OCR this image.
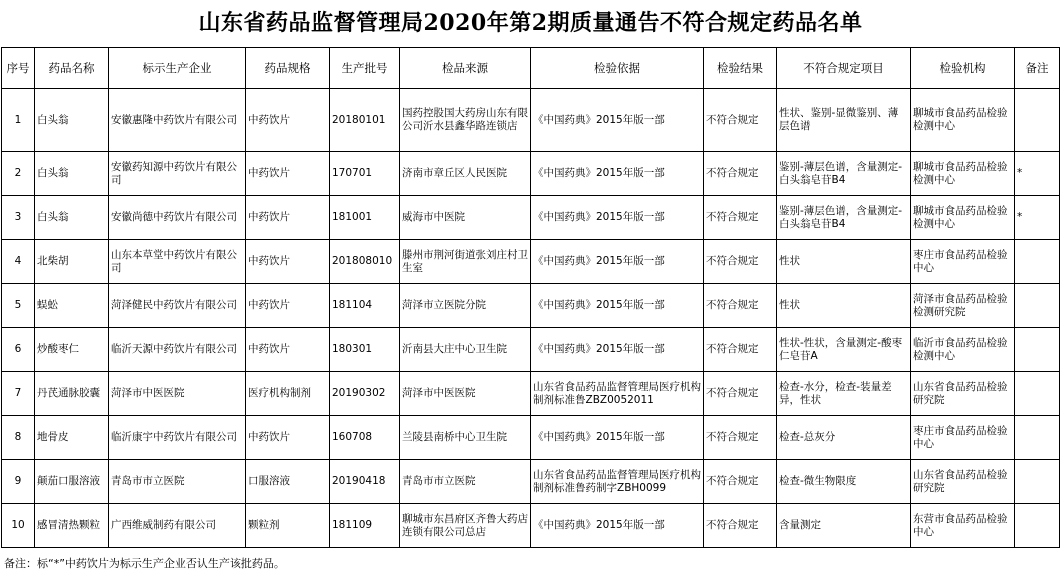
山东省药品监督管理局2020年第2期质量通告不符合规定药品名单
序号	药品名称	标示生产企业	药品规格	生产批号	检品来源	检验依据	检验结果	不符合规定项目	检验机构	备注
1	白头翁	安徽惠隆中药饮片有限公司	中药饮片	20180101	国药控股国大药房山东有限公司沂水县鑫华路连锁店	《中国药典》2015年版一部	不符合规定	性状、鉴别-显微鉴别、薄层色谱	聊城市食品药品检验检测中心	
2	白头翁	安徽药知源中药饮片有限公司	中药饮片	170701	济南市章丘区人民医院	《中国药典》2015年版一部	不符合规定	鉴别-薄层色谱，含量测定-白头翁皂苷B4	聊城市食品药品检验检测中心	*
3	白头翁	安徽尚德中药饮片有限公司	中药饮片	181001	威海市中医院	《中国药典》2015年版一部	不符合规定	鉴别-薄层色谱，含量测定-白头翁皂苷B4	聊城市食品药品检验检测中心	*
4	北柴胡	山东本草堂中药饮片有限公司	中药饮片	201808010	滕州市荆河街道张刘庄村卫生室	《中国药典》2015年版一部	不符合规定	性状	枣庄市食品药品检验中心	
5	蜈蚣	菏泽健民中药饮片有限公司	中药饮片	181104	菏泽市立医院分院	《中国药典》2015年版一部	不符合规定	性状	菏泽市食品药品检验检测研究院	
6	炒酸枣仁	临沂天源中药饮片有限公司	中药饮片	180301	沂南县大庄中心卫生院	《中国药典》2015年版一部	不符合规定	性状-性状，含量测定-酸枣仁皂苷A	临沂市食品药品检验检测中心	
7	丹芪通脉胶囊	菏泽市中医医院	医疗机构制剂	20190302	菏泽市中医医院	山东省食品药品监督管理局医疗机构制剂标准鲁ZBZ0052011	不符合规定	检查-水分，检查-装量差异，性状	山东省食品药品检验研究院	
8	地骨皮	临沂康宇中药饮片有限公司	中药饮片	160708	兰陵县南桥中心卫生院	《中国药典》2015年版一部	不符合规定	检查-总灰分	枣庄市食品药品检验中心	
9	颠茄口服溶液	青岛市市立医院	口服溶液	20190418	青岛市市立医院	山东省食品药品监督管理局医疗机构制剂标准鲁药制字ZBH0099	不符合规定	检查-微生物限度	山东省食品药品检验研究院	
10	感冒清热颗粒	广西维威制药有限公司	颗粒剂	181109	聊城市东昌府区齐鲁大药店连锁有限公司总店	《中国药典》2015年版一部	不符合规定	含量测定	东营市食品药品检验中心	
备注：标“*”中药饮片为标示生产企业否认生产该批药品。
